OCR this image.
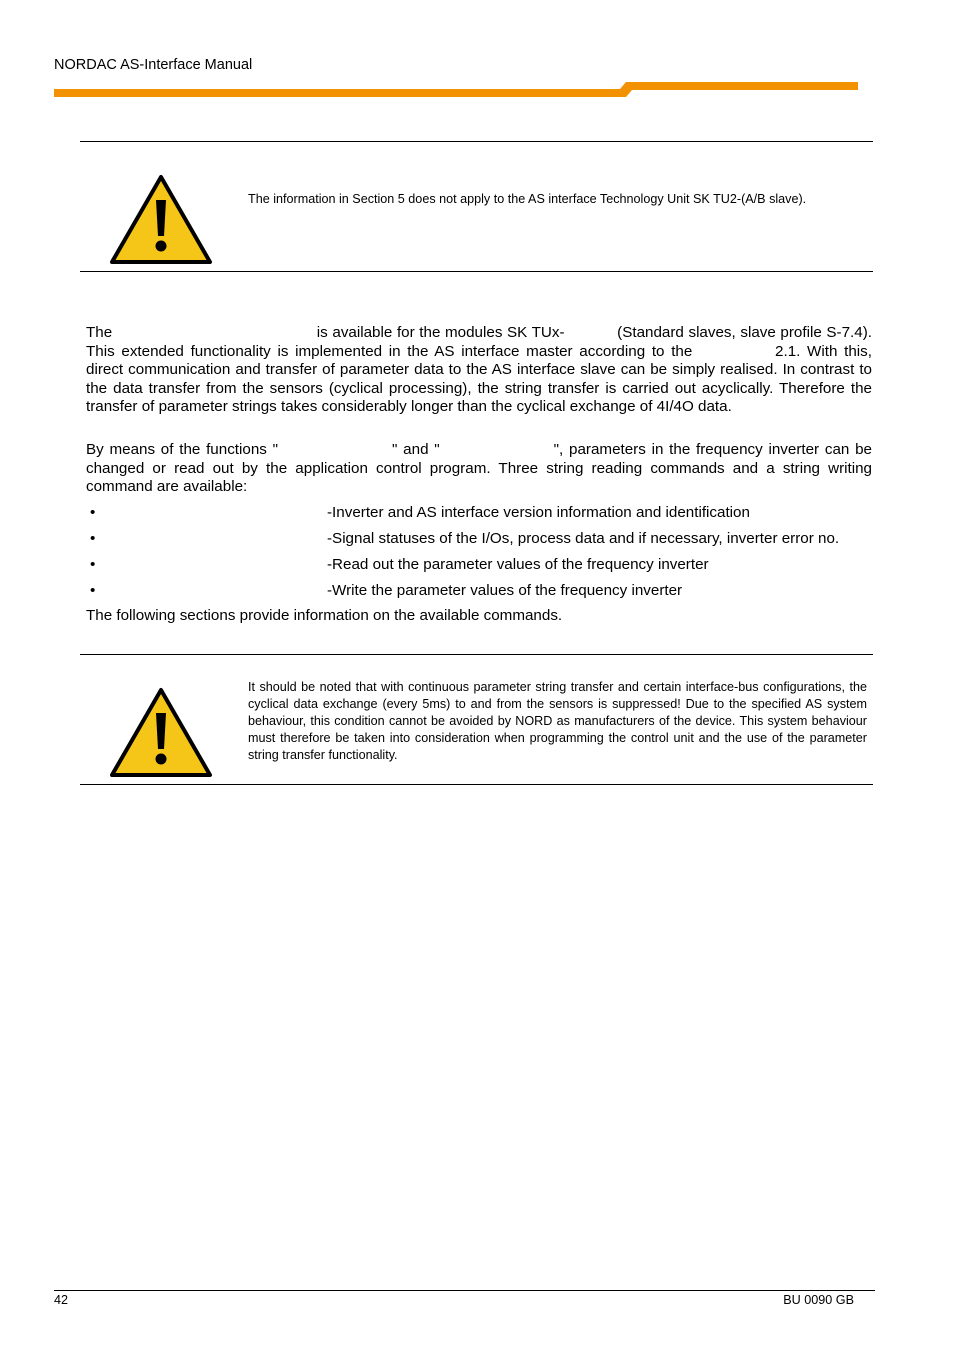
NORDAC AS-Interface Manual
The information in Section 5 does not apply to the AS interface Technology Unit SK TU2-(A/B slave).

The	is available for the modules SK TUx-	(Standard slaves, slave profile S-7.4). This extended functionality is implemented in the AS interface master according to the	2.1. With this, direct communication and transfer of parameter data to the AS interface slave can be simply realised. In contrast to the data transfer from the sensors (cyclical processing), the string transfer is carried out acyclically. Therefore the transfer of parameter strings takes considerably longer than the cyclical exchange of 4I/4O data.

By means of the functions "	" and "	", parameters in the frequency inverter can be changed or read out by the application control program. Three string reading commands and a string writing command are available:

•	-Inverter and AS interface version information and identification
•	-Signal statuses of the I/Os, process data and if necessary, inverter error no.
•	-Read out the parameter values of the frequency inverter
•	-Write the parameter values of the frequency inverter

The following sections provide information on the available commands.

It should be noted that with continuous parameter string transfer and certain interface-bus configurations, the cyclical data exchange (every 5ms) to and from the sensors is suppressed! Due to the specified AS system behaviour, this condition cannot be avoided by NORD as manufacturers of the device. This system behaviour must therefore be taken into consideration when programming the control unit and the use of the parameter string transfer functionality.
42	BU 0090 GB
